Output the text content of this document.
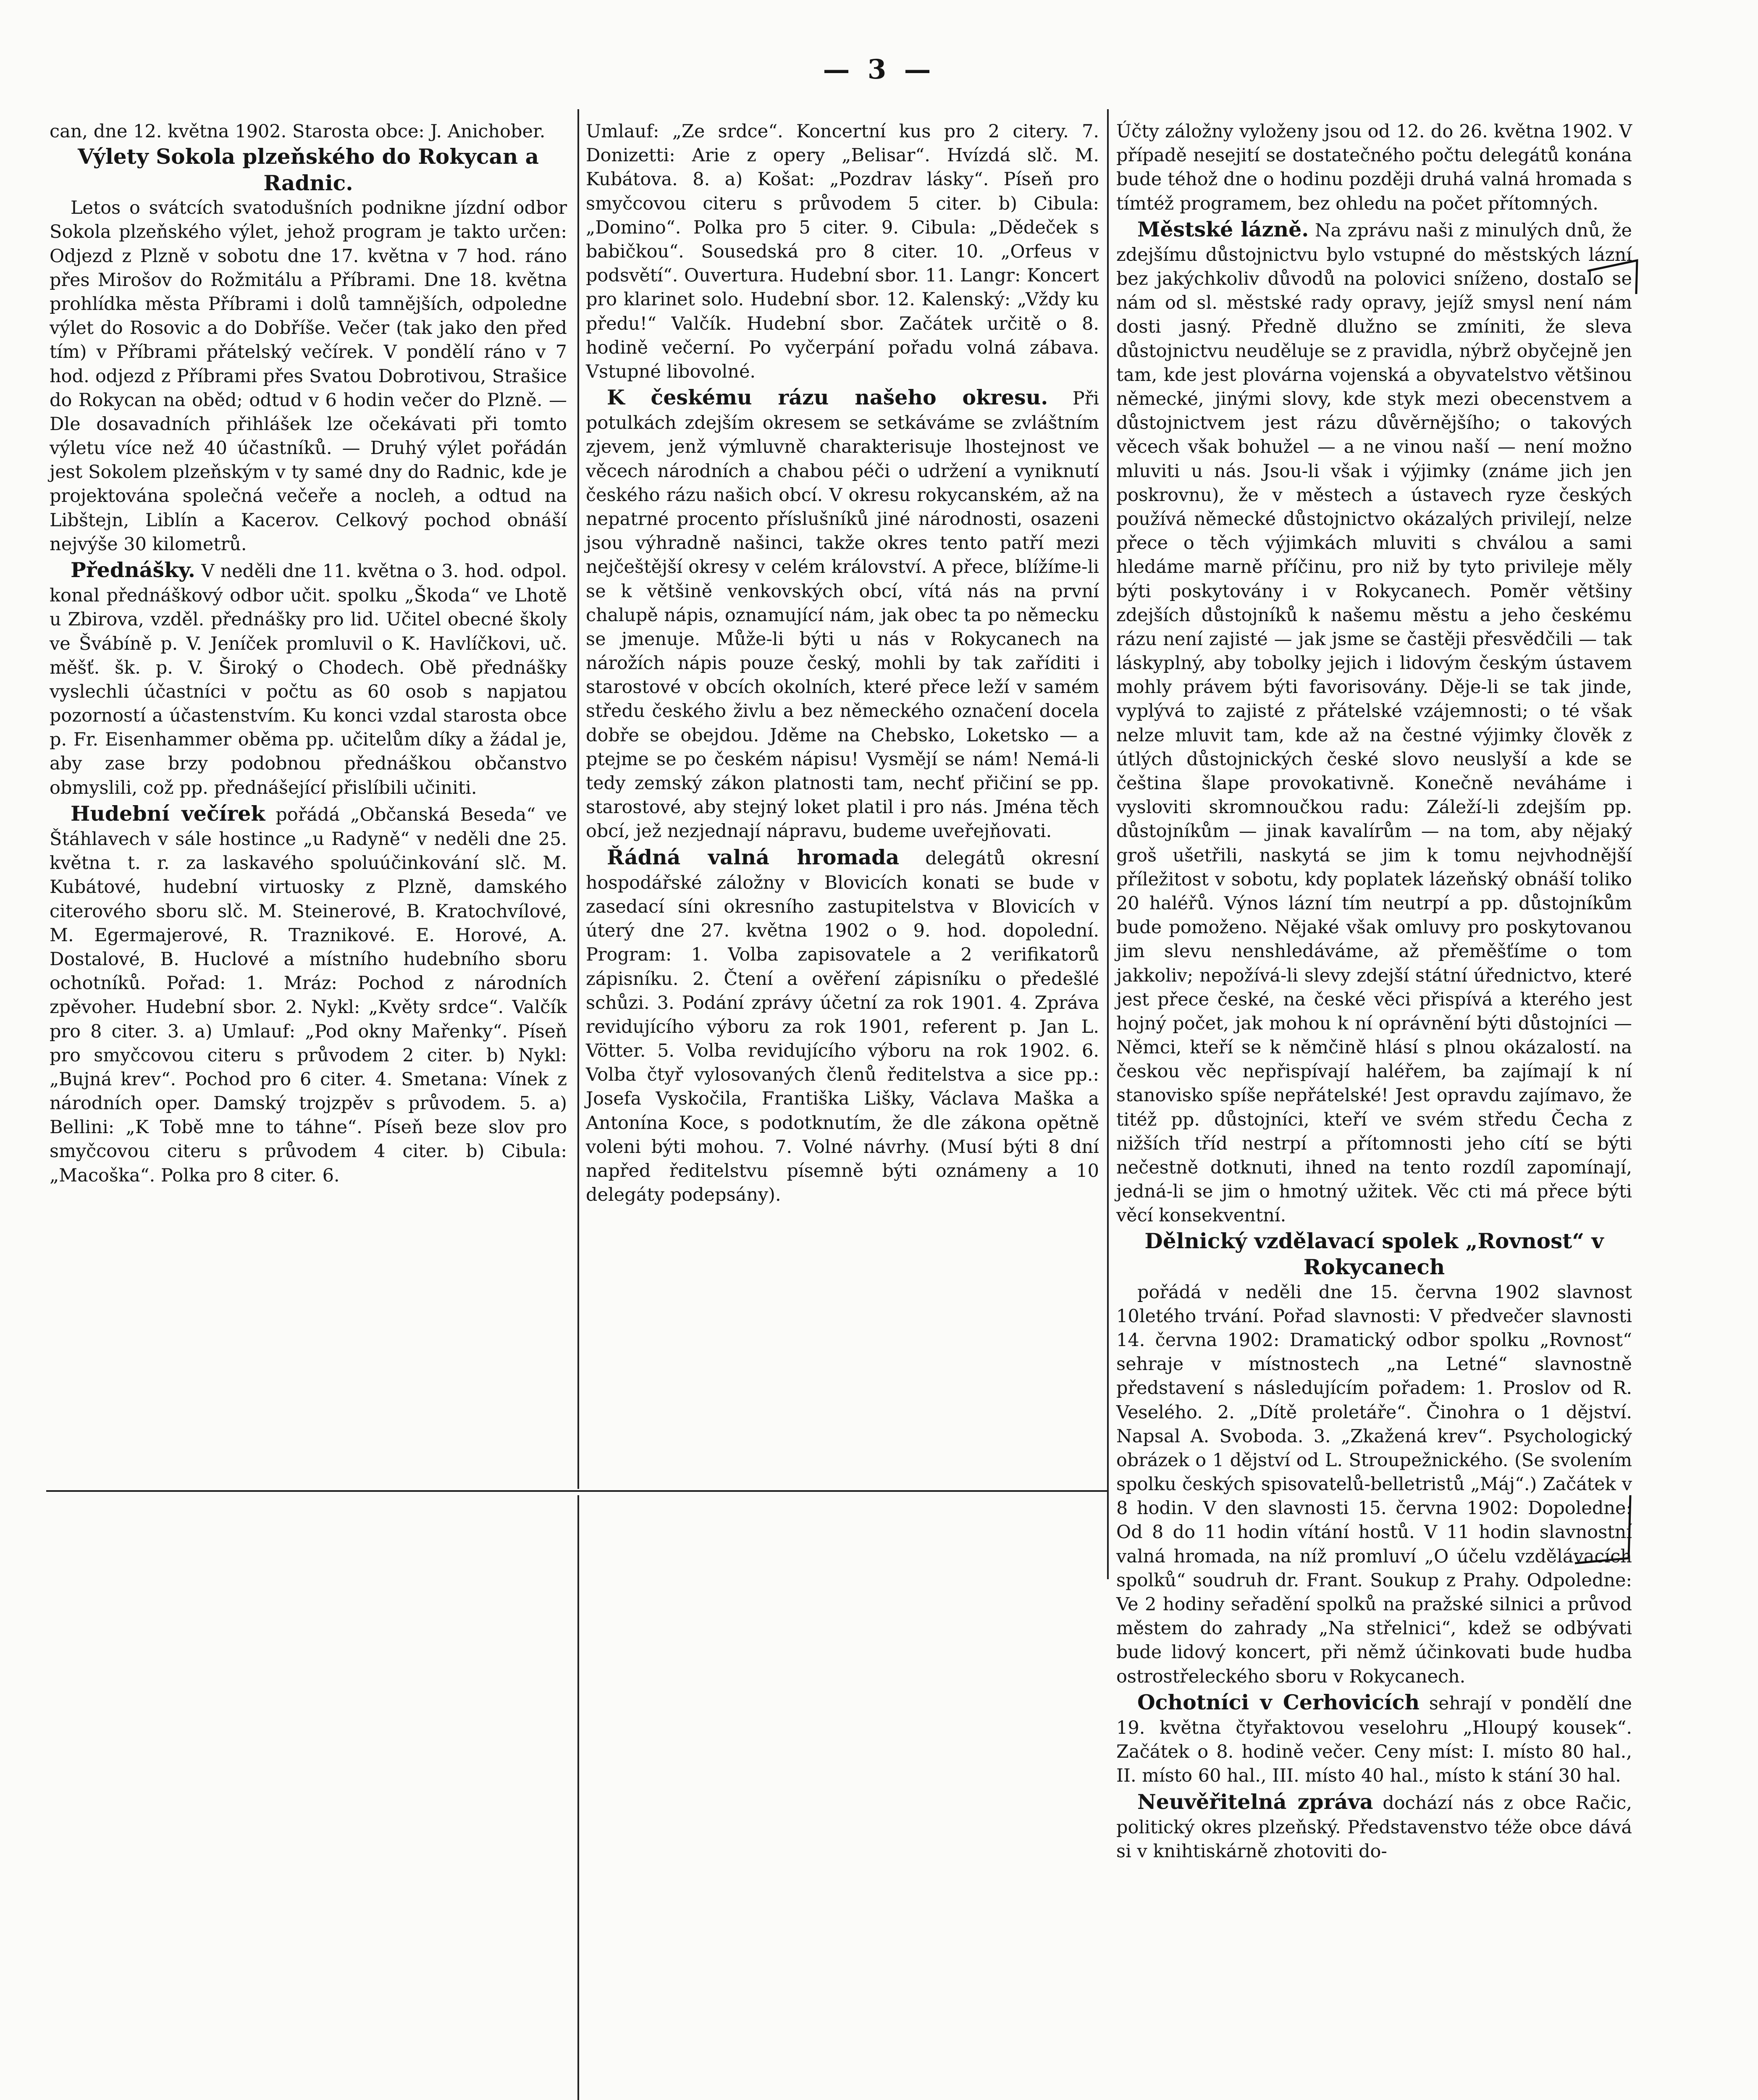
— 3 —

can, dne 12. května 1902. Starosta obce: J. Anichober.

Výlety Sokola plzeňského do Rokycan a Radnic.

Letos o svátcích svatodušních podnikne jízdní odbor Sokola plzeňského výlet, jehož program je takto určen: Odjezd z Plzně v sobotu dne 17. května v 7 hod. ráno přes Mirošov do Rožmitálu a Příbrami. Dne 18. května prohlídka města Příbrami i dolů tamnějších, odpoledne výlet do Rosovic a do Dobříše. Večer (tak jako den před tím) v Příbrami přátelský večírek. V pondělí ráno v 7 hod. odjezd z Příbrami přes Svatou Dobrotivou, Strašice do Rokycan na oběd; odtud v 6 hodin večer do Plzně. — Dle dosavadních přihlášek lze očekávati při tomto výletu více než 40 účastníků. — Druhý výlet pořádán jest Sokolem plzeňským v ty samé dny do Radnic, kde je projektována společná večeře a nocleh, a odtud na Libštejn, Liblín a Kacerov. Celkový pochod obnáší nejvýše 30 kilometrů.

Přednášky. V neděli dne 11. května o 3. hod. odpol. konal přednáškový odbor učit. spolku „Škoda“ ve Lhotě u Zbirova, vzděl. přednášky pro lid. Učitel obecné školy ve Švábíně p. V. Jeníček promluvil o K. Havlíčkovi, uč. měšť. šk. p. V. Široký o Chodech. Obě přednášky vyslechli účastníci v počtu as 60 osob s napjatou pozorností a účastenstvím. Ku konci vzdal starosta obce p. Fr. Eisenhammer oběma pp. učitelům díky a žádal je, aby zase brzy podobnou přednáškou občanstvo obmyslili, což pp. přednášející přislíbili učiniti.

Hudební večírek pořádá „Občanská Beseda“ ve Štáhlavech v sále hostince „u Radyně“ v neděli dne 25. května t. r. za laskavého spoluúčinkování slč. M. Kubátové, hudební virtuosky z Plzně, damského citerového sboru slč. M. Steinerové, B. Kratochvílové, M. Egermajerové, R. Traznikové. E. Horové, A. Dostalové, B. Huclové a místního hudebního sboru ochotníků. Pořad: 1. Mráz: Pochod z národních zpěvoher. Hudební sbor. 2. Nykl: „Květy srdce“. Valčík pro 8 citer. 3. a) Umlauf: „Pod okny Mařenky“. Píseň pro smyčcovou citeru s průvodem 2 citer. b) Nykl: „Bujná krev“. Pochod pro 6 citer. 4. Smetana: Vínek z národních oper. Damský trojzpěv s průvodem. 5. a) Bellini: „K Tobě mne to táhne“. Píseň beze slov pro smyčcovou citeru s průvodem 4 citer. b) Cibula: „Macoška“. Polka pro 8 citer. 6.

Umlauf: „Ze srdce“. Koncertní kus pro 2 citery. 7. Donizetti: Arie z opery „Belisar“. Hvízdá slč. M. Kubátova. 8. a) Košat: „Pozdrav lásky“. Píseň pro smyčcovou citeru s průvodem 5 citer. b) Cibula: „Domino“. Polka pro 5 citer. 9. Cibula: „Dědeček s babičkou“. Sousedská pro 8 citer. 10. „Orfeus v podsvětí“. Ouvertura. Hudební sbor. 11. Langr: Koncert pro klarinet solo. Hudební sbor. 12. Kalenský: „Vždy ku předu!“ Valčík. Hudební sbor. Začátek určitě o 8. hodině večerní. Po vyčerpání pořadu volná zábava. Vstupné libovolné.

K českému rázu našeho okresu. Při potulkách zdejším okresem se setkáváme se zvláštním zjevem, jenž výmluvně charakterisuje lhostejnost ve věcech národních a chabou péči o udržení a vyniknutí českého rázu našich obcí. V okresu rokycanském, až na nepatrné procento příslušníků jiné národnosti, osazeni jsou výhradně našinci, takže okres tento patří mezi nejčeštější okresy v celém království. A přece, blížíme-li se k většině venkovských obcí, vítá nás na první chalupě nápis, oznamující nám, jak obec ta po německu se jmenuje. Může-li býti u nás v Rokycanech na nárožích nápis pouze český, mohli by tak zaříditi i starostové v obcích okolních, které přece leží v samém středu českého živlu a bez německého označení docela dobře se obejdou. Jděme na Chebsko, Loketsko — a ptejme se po českém nápisu! Vysmějí se nám! Nemá-li tedy zemský zákon platnosti tam, nechť přičiní se pp. starostové, aby stejný loket platil i pro nás. Jména těch obcí, jež nezjednají nápravu, budeme uveřejňovati.

Řádná valná hromada delegátů okresní hospodářské záložny v Blovicích konati se bude v zasedací síni okresního zastupitelstva v Blovicích v úterý dne 27. května 1902 o 9. hod. dopolední. Program: 1. Volba zapisovatele a 2 verifikatorů zápisníku. 2. Čtení a ověření zápisníku o předešlé schůzi. 3. Podání zprávy účetní za rok 1901. 4. Zpráva revidujícího výboru za rok 1901, referent p. Jan L. Vötter. 5. Volba revidujícího výboru na rok 1902. 6. Volba čtyř vylosovaných členů ředitelstva a sice pp.: Josefa Vyskočila, Františka Lišky, Václava Maška a Antonína Koce, s podotknutím, že dle zákona opětně voleni býti mohou. 7. Volné návrhy. (Musí býti 8 dní napřed ředitelstvu písemně býti oznámeny a 10 delegáty podepsány).

Účty záložny vyloženy jsou od 12. do 26. května 1902. V případě nesejití se dostatečného počtu delegátů konána bude téhož dne o hodinu později druhá valná hromada s tímtéž programem, bez ohledu na počet přítomných.

Městské lázně. Na zprávu naši z minulých dnů, že zdejšímu důstojnictvu bylo vstupné do městských lázní bez jakýchkoliv důvodů na polovici sníženo, dostalo se nám od sl. městské rady opravy, jejíž smysl není nám dosti jasný. Předně dlužno se zmíniti, že sleva důstojnictvu neuděluje se z pravidla, nýbrž obyčejně jen tam, kde jest plovárna vojenská a obyvatelstvo většinou německé, jinými slovy, kde styk mezi obecenstvem a důstojnictvem jest rázu důvěrnějšího; o takových věcech však bohužel — a ne vinou naší — není možno mluviti u nás. Jsou-li však i výjimky (známe jich jen poskrovnu), že v městech a ústavech ryze českých používá německé důstojnictvo okázalých privilejí, nelze přece o těch výjimkách mluviti s chválou a sami hledáme marně příčinu, pro niž by tyto privileje měly býti poskytovány i v Rokycanech. Poměr většiny zdejších důstojníků k našemu městu a jeho českému rázu není zajisté — jak jsme se častěji přesvědčili — tak láskyplný, aby tobolky jejich i lidovým českým ústavem mohly právem býti favorisovány. Děje-li se tak jinde, vyplývá to zajisté z přátelské vzájemnosti; o té však nelze mluvit tam, kde až na čestné výjimky člověk z útlých důstojnických české slovo neuslyší a kde se čeština šlape provokativně. Konečně neváháme i vysloviti skromnoučkou radu: Záleží-li zdejším pp. důstojníkům — jinak kavalírům — na tom, aby nějaký groš ušetřili, naskytá se jim k tomu nejvhodnější příležitost v sobotu, kdy poplatek lázeňský obnáší toliko 20 haléřů. Výnos lázní tím neutrpí a pp. důstojníkům bude pomoženo. Nějaké však omluvy pro poskytovanou jim slevu nenshledáváme, až přeměšťíme o tom jakkoliv; nepožívá-li slevy zdejší státní úřednictvo, které jest přece české, na české věci přispívá a kterého jest hojný počet, jak mohou k ní oprávnění býti důstojníci — Němci, kteří se k němčině hlásí s plnou okázalostí. na českou věc nepřispívají haléřem, ba zajímají k ní stanovisko spíše nepřátelské! Jest opravdu zajímavo, že titéž pp. důstojníci, kteří ve svém středu Čecha z nižších tříd nestrpí a přítomnosti jeho cítí se býti nečestně dotknuti, ihned na tento rozdíl zapomínají, jedná-li se jim o hmotný užitek. Věc cti má přece býti věcí konsekventní.

Dělnický vzdělavací spolek „Rovnost“ v Rokycanech

pořádá v neděli dne 15. června 1902 slavnost 10letého trvání. Pořad slavnosti: V předvečer slavnosti 14. června 1902: Dramatický odbor spolku „Rovnost“ sehraje v místnostech „na Letné“ slavnostně představení s následujícím pořadem: 1. Proslov od R. Veselého. 2. „Dítě proletáře“. Činohra o 1 dějství. Napsal A. Svoboda. 3. „Zkažená krev“. Psychologický obrázek o 1 dějství od L. Stroupežnického. (Se svolením spolku českých spisovatelů-belletristů „Máj“.) Začátek v 8 hodin. V den slavnosti 15. června 1902: Dopoledne: Od 8 do 11 hodin vítání hostů. V 11 hodin slavnostní valná hromada, na níž promluví „O účelu vzdělávacích spolků“ soudruh dr. Frant. Soukup z Prahy. Odpoledne: Ve 2 hodiny seřadění spolků na pražské silnici a průvod městem do zahrady „Na střelnici“, kdež se odbývati bude lidový koncert, při němž účinkovati bude hudba ostrostřeleckého sboru v Rokycanech.

Ochotníci v Cerhovicích sehrají v pondělí dne 19. května čtyřaktovou veselohru „Hloupý kousek“. Začátek o 8. hodině večer. Ceny míst: I. místo 80 hal., II. místo 60 hal., III. místo 40 hal., místo k stání 30 hal.

Neuvěřitelná zpráva dochází nás z obce Račic, politický okres plzeňský. Představenstvo téže obce dává si v knihtiskárně zhotoviti do-
